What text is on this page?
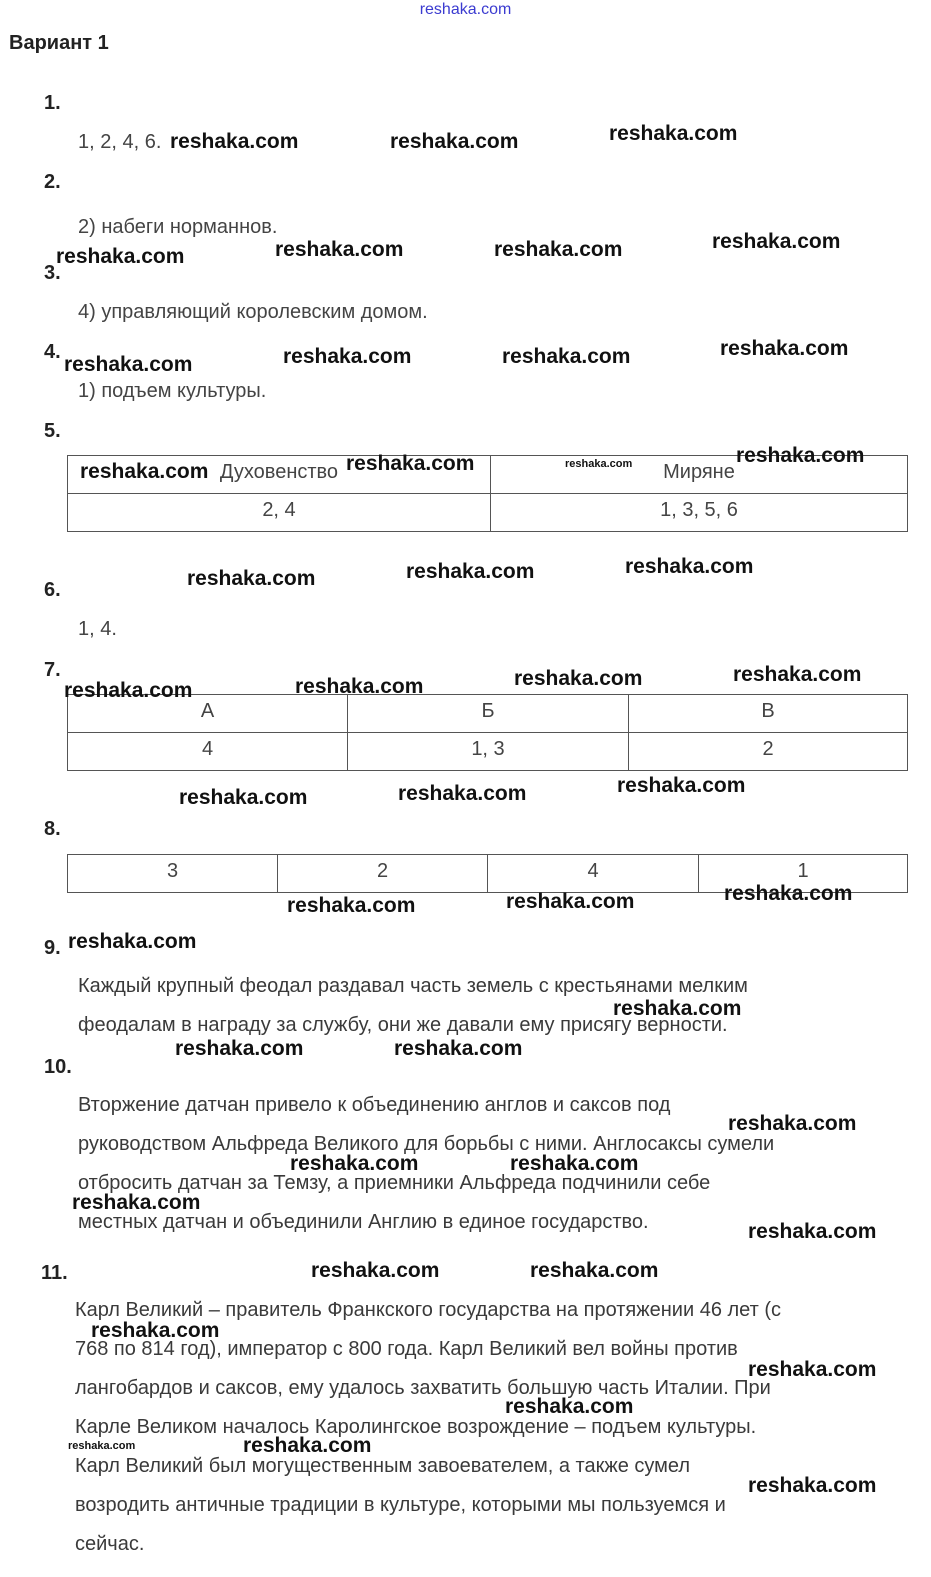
reshaka.com
Вариант 1
1.
1, 2, 4, 6.
2.
2) набеги норманнов.
3.
4) управляющий королевским домом.
4.
1) подъем культуры.
5.
Духовенство	Миряне
2, 4	1, 3, 5, 6
6.
1, 4.
7.
А	Б	В
4	1, 3	2
8.
3	2	4	1
9.
Каждый крупный феодал раздавал часть земель с крестьянами мелким
феодалам в награду за службу, они же давали ему присягу верности.
10.
Вторжение датчан привело к объединению англов и саксов под
руководством Альфреда Великого для борьбы с ними. Англосаксы сумели
отбросить датчан за Темзу, а приемники Альфреда подчинили себе
местных датчан и объединили Англию в единое государство.
11.
Карл Великий – правитель Франкского государства на протяжении 46 лет (с
768 по 814 год), император с 800 года. Карл Великий вел войны против
лангобардов и саксов, ему удалось захватить большую часть Италии. При
Карле Великом началось Каролингское возрождение – подъем культуры.
Карл Великий был могущественным завоевателем, а также сумел
возродить античные традиции в культуре, которыми мы пользуемся и
сейчас.
reshaka.com	reshaka.com	reshaka.com
reshaka.com	reshaka.com	reshaka.com	reshaka.com
reshaka.com	reshaka.com	reshaka.com	reshaka.com
reshaka.com	reshaka.com	reshaka.com	reshaka.com
reshaka.com	reshaka.com	reshaka.com
reshaka.com	reshaka.com	reshaka.com	reshaka.com
reshaka.com	reshaka.com	reshaka.com
reshaka.com	reshaka.com	reshaka.com
reshaka.com
reshaka.com
reshaka.com	reshaka.com
reshaka.com
reshaka.com	reshaka.com
reshaka.com
reshaka.com
reshaka.com	reshaka.com
reshaka.com
reshaka.com
reshaka.com
reshaka.com	reshaka.com
reshaka.com
